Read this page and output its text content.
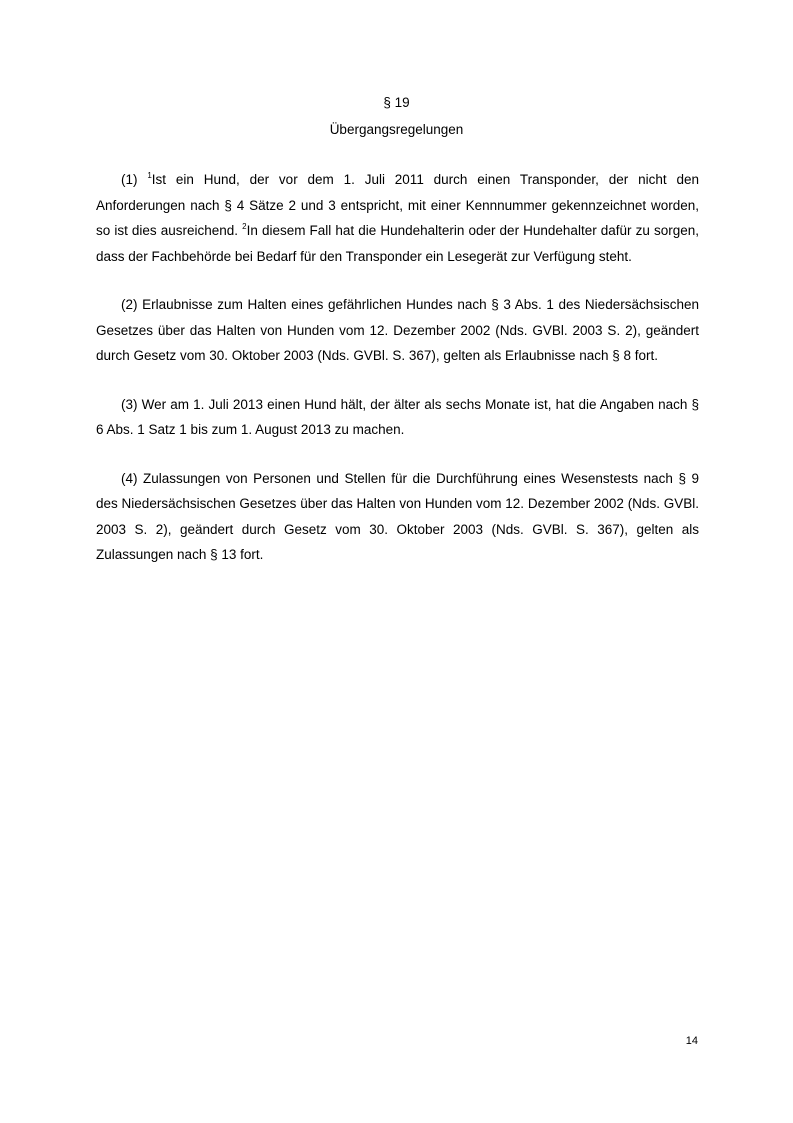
§ 19
Übergangsregelungen

(1) $^1$Ist ein Hund, der vor dem 1. Juli 2011 durch einen Transponder, der nicht den Anforderungen nach § 4 Sätze 2 und 3 entspricht, mit einer Kennnummer gekennzeichnet worden, so ist dies ausreichend. $^2$In diesem Fall hat die Hundehalterin oder der Hundehalter dafür zu sorgen, dass der Fachbehörde bei Bedarf für den Transponder ein Lesegerät zur Verfügung steht.

(2) Erlaubnisse zum Halten eines gefährlichen Hundes nach § 3 Abs. 1 des Niedersächsischen Gesetzes über das Halten von Hunden vom 12. Dezember 2002 (Nds. GVBl. 2003 S. 2), geändert durch Gesetz vom 30. Oktober 2003 (Nds. GVBl. S. 367), gelten als Erlaubnisse nach § 8 fort.

(3) Wer am 1. Juli 2013 einen Hund hält, der älter als sechs Monate ist, hat die Angaben nach § 6 Abs. 1 Satz 1 bis zum 1. August 2013 zu machen.

(4) Zulassungen von Personen und Stellen für die Durchführung eines Wesenstests nach § 9 des Niedersächsischen Gesetzes über das Halten von Hunden vom 12. Dezember 2002 (Nds. GVBl. 2003 S. 2), geändert durch Gesetz vom 30. Oktober 2003 (Nds. GVBl. S. 367), gelten als Zulassungen nach § 13 fort.

14
